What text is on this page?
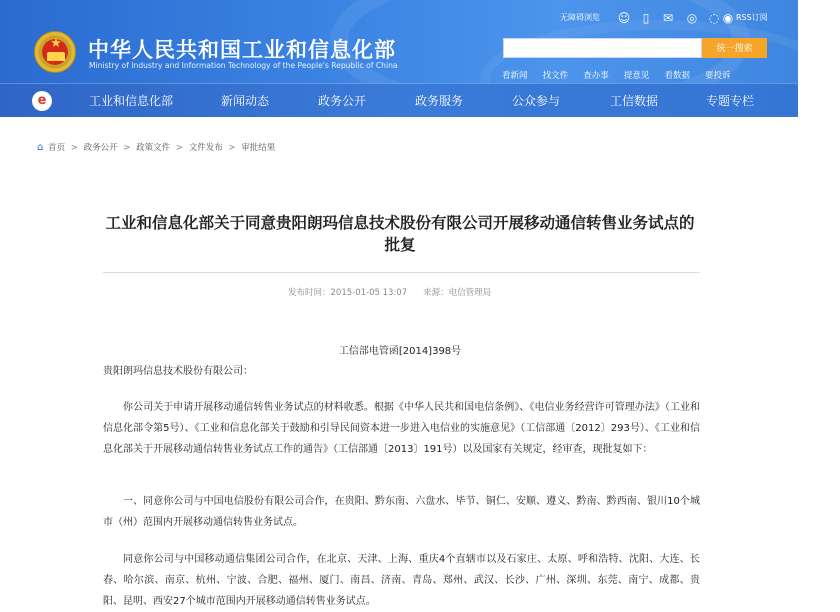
★ 中华人民共和国工业和信息化部
Ministry of Industry and Information Technology of the People's Republic of China
无障碍浏览 ☺	▯	✉ ◎ ◌ ◉ RSS订阅
统一搜索
看新闻 找文件 查办事 提意见 看数据 要投诉
e	工业和信息化部	新闻动态	政务公开	政务服务	公众参与	工信数据	专题专栏
⌂ 首页 > 政务公开 > 政策文件 > 文件发布 > 审批结果
工业和信息化部关于同意贵阳朗玛信息技术股份有限公司开展移动通信转售业务试点的批复
发布时间：2015-01-05 13:07 来源：电信管理局
工信部电管函[2014]398号
贵阳朗玛信息技术股份有限公司：

你公司关于申请开展移动通信转售业务试点的材料收悉。根据《中华人民共和国电信条例》、《电信业务经营许可管理办法》（工业和信息化部令第5号）、《工业和信息化部关于鼓励和引导民间资本进一步进入电信业的实施意见》（工信部通〔2012〕293号）、《工业和信息化部关于开展移动通信转售业务试点工作的通告》（工信部通〔2013〕191号）以及国家有关规定，经审查，现批复如下：

一、同意你公司与中国电信股份有限公司合作，在贵阳、黔东南、六盘水、毕节、铜仁、安顺、遵义、黔南、黔西南、银川10个城市（州）范围内开展移动通信转售业务试点。

同意你公司与中国移动通信集团公司合作，在北京、天津、上海、重庆4个直辖市以及石家庄、太原、呼和浩特、沈阳、大连、长春、哈尔滨、南京、杭州、宁波、合肥、福州、厦门、南昌、济南、青岛、郑州、武汉、长沙、广州、深圳、东莞、南宁、成都、贵阳、昆明、西安27个城市范围内开展移动通信转售业务试点。
